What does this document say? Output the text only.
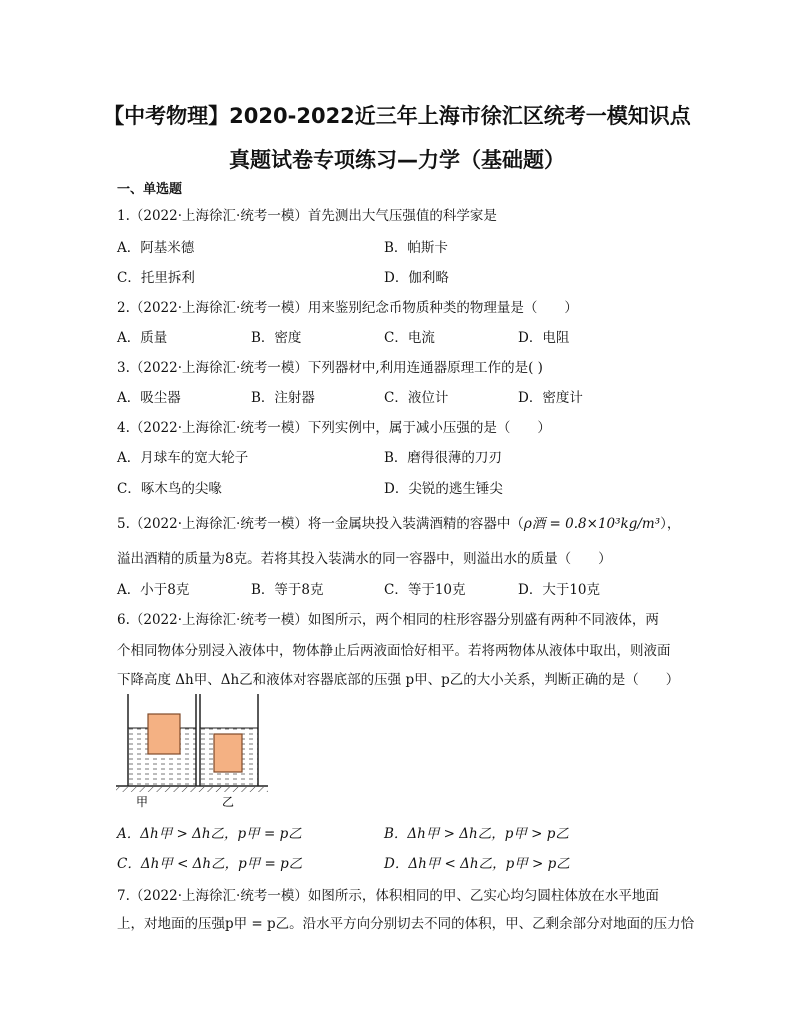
【中考物理】2020-2022近三年上海市徐汇区统考一模知识点
真题试卷专项练习—力学（基础题）
一、单选题
1.（2022·上海徐汇·统考一模）首先测出大气压强值的科学家是
A．阿基米德	B．帕斯卡
C．托里拆利	D．伽利略
2.（2022·上海徐汇·统考一模）用来鉴别纪念币物质种类的物理量是（　　）
A．质量	B．密度	C．电流	D．电阻
3.（2022·上海徐汇·统考一模）下列器材中,利用连通器原理工作的是( )
A．吸尘器	B．注射器	C．液位计	D．密度计
4.（2022·上海徐汇·统考一模）下列实例中，属于减小压强的是（　　）
A．月球车的宽大轮子	B．磨得很薄的刀刃
C．啄木鸟的尖喙	D．尖锐的逃生锤尖
5.（2022·上海徐汇·统考一模）将一金属块投入装满酒精的容器中（ρ酒 = 0.8×10³kg/m³），
溢出酒精的质量为8克。若将其投入装满水的同一容器中，则溢出水的质量（　　）
A．小于8克	B．等于8克	C．等于10克	D．大于10克
6.（2022·上海徐汇·统考一模）如图所示，两个相同的柱形容器分别盛有两种不同液体，两
个相同物体分别浸入液体中，物体静止后两液面恰好相平。若将两物体从液体中取出，则液面
下降高度 Δh甲、Δh乙和液体对容器底部的压强 p甲、p乙的大小关系，判断正确的是（　　）
甲	乙
A．Δh甲 > Δh乙，p甲 = p乙	B．Δh甲 > Δh乙，p甲 > p乙
C．Δh甲 < Δh乙，p甲 = p乙	D．Δh甲 < Δh乙，p甲 > p乙
7.（2022·上海徐汇·统考一模）如图所示，体积相同的甲、乙实心均匀圆柱体放在水平地面
上，对地面的压强p甲 = p乙。沿水平方向分别切去不同的体积，甲、乙剩余部分对地面的压力恰
